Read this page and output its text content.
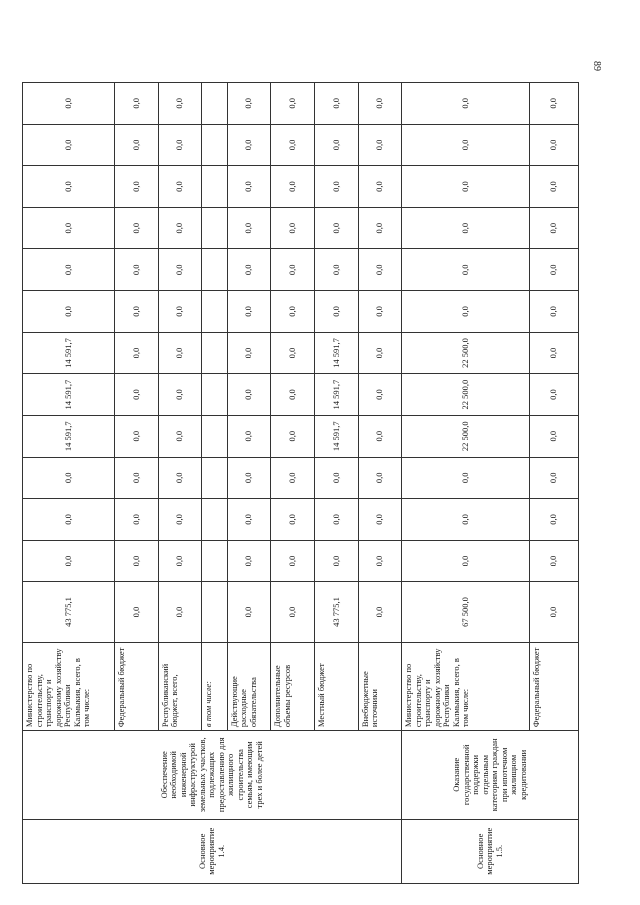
89
Основное мероприятие 1.4.	Обеспечение необходимой инженерной инфраструктурой земельных участков, подлежащих предоставлению для жилищного строительства семьям, имеющим трех и более детей	Министерство по строительству, транспорту и дорожному хозяйству Республики Калмыкия, всего, в том числе:	43 775,1	0,0	0,0	0,0	14 591,7	14 591,7	14 591,7	0,0	0,0	0,0	0,0	0,0	0,0
		Федеральный бюджет	0,0	0,0	0,0	0,0	0,0	0,0	0,0	0,0	0,0	0,0	0,0	0,0	0,0
		Республиканский бюджет, всего,	0,0	0,0	0,0	0,0	0,0	0,0	0,0	0,0	0,0	0,0	0,0	0,0	0,0
		в том числе:													
		Действующие расходные обязательства	0,0	0,0	0,0	0,0	0,0	0,0	0,0	0,0	0,0	0,0	0,0	0,0	0,0
		Дополнительные объемы ресурсов	0,0	0,0	0,0	0,0	0,0	0,0	0,0	0,0	0,0	0,0	0,0	0,0	0,0
		Местный бюджет	43 775,1	0,0	0,0	0,0	14 591,7	14 591,7	14 591,7	0,0	0,0	0,0	0,0	0,0	0,0
		Внебюджетные источники	0,0	0,0	0,0	0,0	0,0	0,0	0,0	0,0	0,0	0,0	0,0	0,0	0,0
Основное мероприятие 1.5.	Оказание государственной поддержки отдельным категориям граждан при ипотечном жилищном кредитовании	Министерство по строительству, транспорту и дорожному хозяйству Республики Калмыкия, всего, в том числе:	67 500,0	0,0	0,0	0,0	22 500,0	22 500,0	22 500,0	0,0	0,0	0,0	0,0	0,0	0,0
		Федеральный бюджет	0,0	0,0	0,0	0,0	0,0	0,0	0,0	0,0	0,0	0,0	0,0	0,0	0,0
